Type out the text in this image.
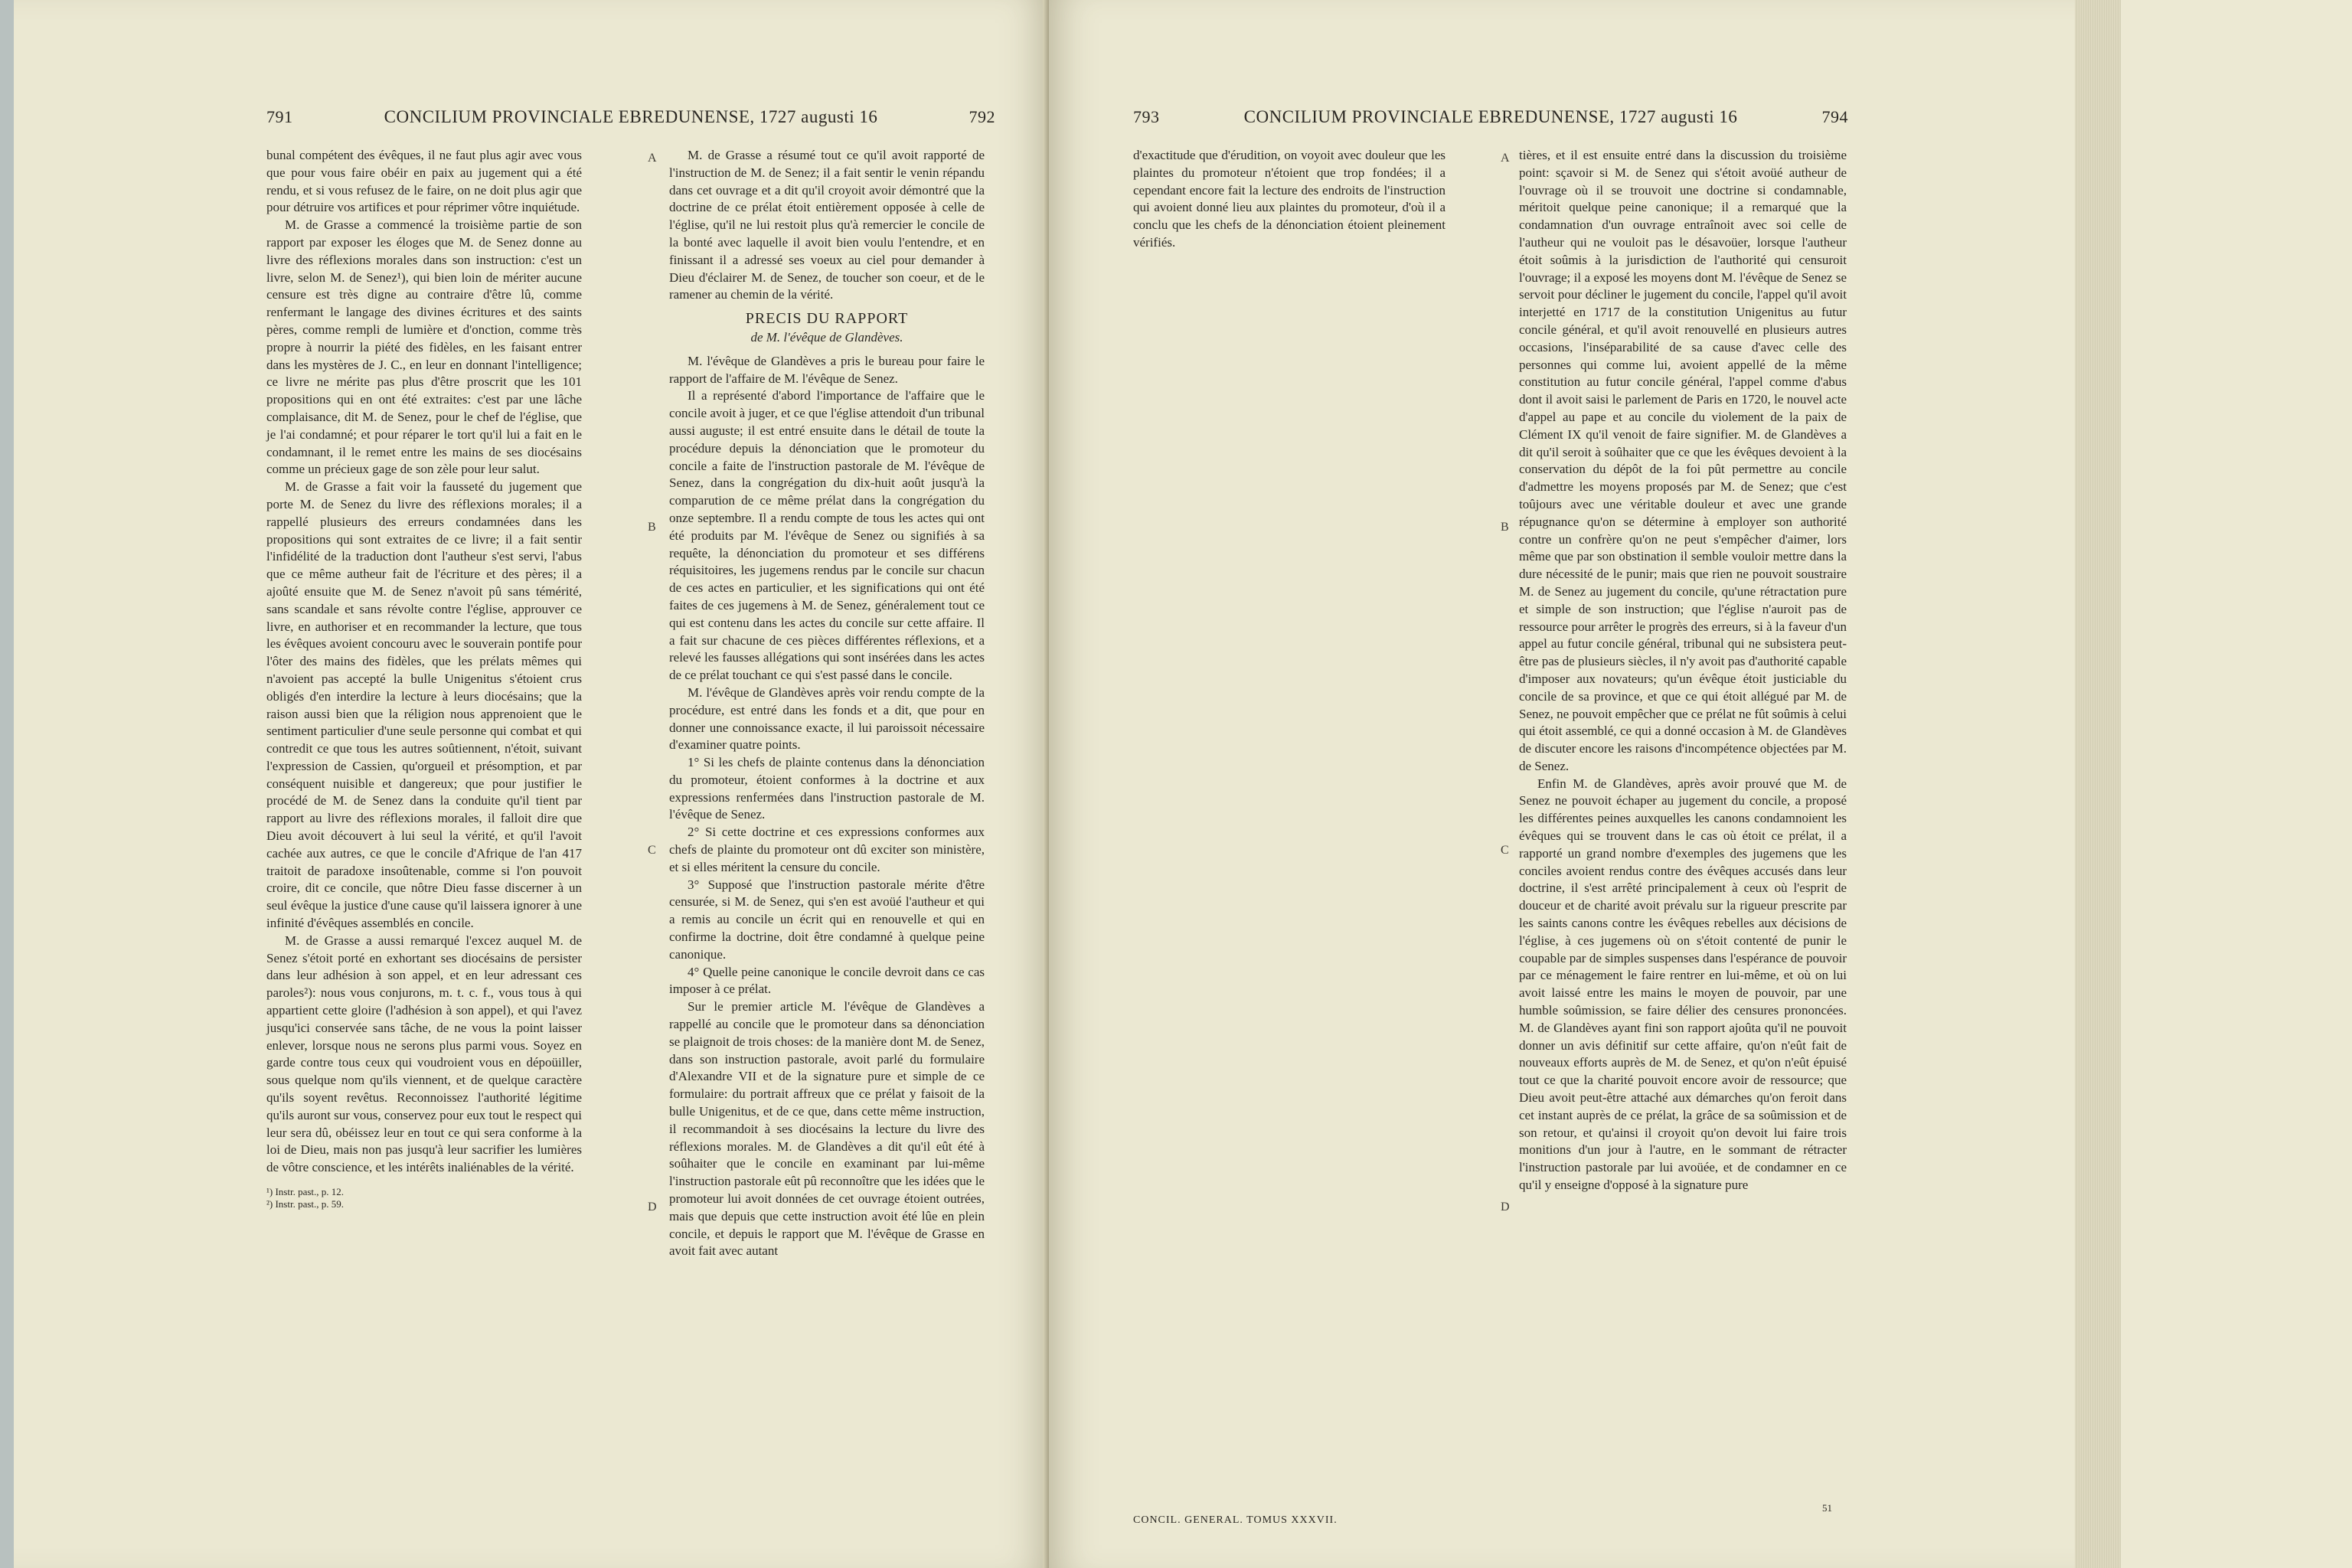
791	CONCILIUM PROVINCIALE EBREDUNENSE, 1727 augusti 16	792

bunal compétent des évêques, il ne faut plus agir avec vous que pour vous faire obéir en paix au jugement qui a été rendu, et si vous refusez de le faire, on ne doit plus agir que pour détruire vos artifices et pour réprimer vôtre inquiétude.

M. de Grasse a commencé la troisième partie de son rapport par exposer les éloges que M. de Senez donne au livre des réflexions morales dans son instruction: c'est un livre, selon M. de Senez¹), qui bien loin de mériter aucune censure est très digne au contraire d'être lû, comme renfermant le langage des divines écritures et des saints pères, comme rempli de lumière et d'onction, comme très propre à nourrir la piété des fidèles, en les faisant entrer dans les mystères de J. C., en leur en donnant l'intelligence; ce livre ne mérite pas plus d'être proscrit que les 101 propositions qui en ont été extraites: c'est par une lâche complaisance, dit M. de Senez, pour le chef de l'église, que je l'ai condamné; et pour réparer le tort qu'il lui a fait en le condamnant, il le remet entre les mains de ses diocésains comme un précieux gage de son zèle pour leur salut.

M. de Grasse a fait voir la fausseté du jugement que porte M. de Senez du livre des réflexions morales; il a rappellé plusieurs des erreurs condamnées dans les propositions qui sont extraites de ce livre; il a fait sentir l'infidélité de la traduction dont l'autheur s'est servi, l'abus que ce même autheur fait de l'écriture et des pères; il a ajoûté ensuite que M. de Senez n'avoit pû sans témérité, sans scandale et sans révolte contre l'église, approuver ce livre, en authoriser et en recommander la lecture, que tous les évêques avoient concouru avec le souverain pontife pour l'ôter des mains des fidèles, que les prélats mêmes qui n'avoient pas accepté la bulle Unigenitus s'étoient crus obligés d'en interdire la lecture à leurs diocésains; que la raison aussi bien que la réligion nous apprenoient que le sentiment particulier d'une seule personne qui combat et qui contredit ce que tous les autres soûtiennent, n'étoit, suivant l'expression de Cassien, qu'orgueil et présomption, et par conséquent nuisible et dangereux; que pour justifier le procédé de M. de Senez dans la conduite qu'il tient par rapport au livre des réflexions morales, il falloit dire que Dieu avoit découvert à lui seul la vérité, et qu'il l'avoit cachée aux autres, ce que le concile d'Afrique de l'an 417 traitoit de paradoxe insoûtenable, comme si l'on pouvoit croire, dit ce concile, que nôtre Dieu fasse discerner à un seul évêque la justice d'une cause qu'il laissera ignorer à une infinité d'évêques assemblés en concile.

M. de Grasse a aussi remarqué l'excez auquel M. de Senez s'étoit porté en exhortant ses diocésains de persister dans leur adhésion à son appel, et en leur adressant ces paroles²): nous vous conjurons, m. t. c. f., vous tous à qui appartient cette gloire (l'adhésion à son appel), et qui l'avez jusqu'ici conservée sans tâche, de ne vous la point laisser enlever, lorsque nous ne serons plus parmi vous. Soyez en garde contre tous ceux qui voudroient vous en dépoüiller, sous quelque nom qu'ils viennent, et de quelque caractère qu'ils soyent revêtus. Reconnoissez l'authorité légitime qu'ils auront sur vous, conservez pour eux tout le respect qui leur sera dû, obéissez leur en tout ce qui sera conforme à la loi de Dieu, mais non pas jusqu'à leur sacrifier les lumières de vôtre conscience, et les intérêts inaliénables de la vérité.

¹) Instr. past., p. 12.
²) Instr. past., p. 59.

M. de Grasse a résumé tout ce qu'il avoit rapporté de l'instruction de M. de Senez; il a fait sentir le venin répandu dans cet ouvrage et a dit qu'il croyoit avoir démontré que la doctrine de ce prélat étoit entièrement opposée à celle de l'église, qu'il ne lui restoit plus qu'à remercier le concile de la bonté avec laquelle il avoit bien voulu l'entendre, et en finissant il a adressé ses voeux au ciel pour demander à Dieu d'éclairer M. de Senez, de toucher son coeur, et de le ramener au chemin de la vérité.

PRECIS DU RAPPORT
de M. l'évêque de Glandèves.

M. l'évêque de Glandèves a pris le bureau pour faire le rapport de l'affaire de M. l'évêque de Senez.

Il a représenté d'abord l'importance de l'affaire que le concile avoit à juger, et ce que l'église attendoit d'un tribunal aussi auguste; il est entré ensuite dans le détail de toute la procédure depuis la dénonciation que le promoteur du concile a faite de l'instruction pastorale de M. l'évêque de Senez, dans la congrégation du dix-huit août jusqu'à la comparution de ce même prélat dans la congrégation du onze septembre. Il a rendu compte de tous les actes qui ont été produits par M. l'évêque de Senez ou signifiés à sa requête, la dénonciation du promoteur et ses différens réquisitoires, les jugemens rendus par le concile sur chacun de ces actes en particulier, et les significations qui ont été faites de ces jugemens à M. de Senez, généralement tout ce qui est contenu dans les actes du concile sur cette affaire. Il a fait sur chacune de ces pièces différentes réflexions, et a relevé les fausses allégations qui sont insérées dans les actes de ce prélat touchant ce qui s'est passé dans le concile.

M. l'évêque de Glandèves après voir rendu compte de la procédure, est entré dans les fonds et a dit, que pour en donner une connoissance exacte, il lui paroissoit nécessaire d'examiner quatre points.

1° Si les chefs de plainte contenus dans la dénonciation du promoteur, étoient conformes à la doctrine et aux expressions renfermées dans l'instruction pastorale de M. l'évêque de Senez.

2° Si cette doctrine et ces expressions conformes aux chefs de plainte du promoteur ont dû exciter son ministère, et si elles méritent la censure du concile.

3° Supposé que l'instruction pastorale mérite d'être censurée, si M. de Senez, qui s'en est avoüé l'autheur et qui a remis au concile un écrit qui en renouvelle et qui en confirme la doctrine, doit être condamné à quelque peine canonique.

4° Quelle peine canonique le concile devroit dans ce cas imposer à ce prélat.

Sur le premier article M. l'évêque de Glandèves a rappellé au concile que le promoteur dans sa dénonciation se plaignoit de trois choses: de la manière dont M. de Senez, dans son instruction pastorale, avoit parlé du formulaire d'Alexandre VII et de la signature pure et simple de ce formulaire: du portrait affreux que ce prélat y faisoit de la bulle Unigenitus, et de ce que, dans cette même instruction, il recommandoit à ses diocésains la lecture du livre des réflexions morales. M. de Glandèves a dit qu'il eût été à soûhaiter que le concile en examinant par lui-même l'instruction pastorale eût pû reconnoître que les idées que le promoteur lui avoit données de cet ouvrage étoient outrées, mais que depuis que cette instruction avoit été lûe en plein concile, et depuis le rapport que M. l'évêque de Grasse en avoit fait avec autant

A
B
C
D
793	CONCILIUM PROVINCIALE EBREDUNENSE, 1727 augusti 16	794

d'exactitude que d'érudition, on voyoit avec douleur que les plaintes du promoteur n'étoient que trop fondées; il a cependant encore fait la lecture des endroits de l'instruction qui avoient donné lieu aux plaintes du promoteur, d'où il a conclu que les chefs de la dénonciation étoient pleinement vérifiés.

tières, et il est ensuite entré dans la discussion du troisième point: sçavoir si M. de Senez qui s'étoit avoüé autheur de l'ouvrage où il se trouvoit une doctrine si condamnable, méritoit quelque peine canonique; il a remarqué que la condamnation d'un ouvrage entraînoit avec soi celle de l'autheur qui ne vouloit pas le désavoüer, lorsque l'autheur étoit soûmis à la jurisdiction de l'authorité qui censuroit l'ouvrage; il a exposé les moyens dont M. l'évêque de Senez se servoit pour décliner le jugement du concile, l'appel qu'il avoit interjetté en 1717 de la constitution Unigenitus au futur concile général, et qu'il avoit renouvellé en plusieurs autres occasions, l'inséparabilité de sa cause d'avec celle des personnes qui comme lui, avoient appellé de la même constitution au futur concile général, l'appel comme d'abus dont il avoit saisi le parlement de Paris en 1720, le nouvel acte d'appel au pape et au concile du violement de la paix de Clément IX qu'il venoit de faire signifier. M. de Glandèves a dit qu'il seroit à soûhaiter que ce que les évêques devoient à la conservation du dépôt de la foi pût permettre au concile d'admettre les moyens proposés par M. de Senez; que c'est toûjours avec une véritable douleur et avec une grande répugnance qu'on se détermine à employer son authorité contre un confrère qu'on ne peut s'empêcher d'aimer, lors même que par son obstination il semble vouloir mettre dans la dure nécessité de le punir; mais que rien ne pouvoit soustraire M. de Senez au jugement du concile, qu'une rétractation pure et simple de son instruction; que l'église n'auroit pas de ressource pour arrêter le progrès des erreurs, si à la faveur d'un appel au futur concile général, tribunal qui ne subsistera peut-être pas de plusieurs siècles, il n'y avoit pas d'authorité capable d'imposer aux novateurs; qu'un évêque étoit justiciable du concile de sa province, et que ce qui étoit allégué par M. de Senez, ne pouvoit empêcher que ce prélat ne fût soûmis à celui qui étoit assemblé, ce qui a donné occasion à M. de Glandèves de discuter encore les raisons d'incompétence objectées par M. de Senez.

Enfin M. de Glandèves, après avoir prouvé que M. de Senez ne pouvoit échaper au jugement du concile, a proposé les différentes peines auxquelles les canons condamnoient les évêques qui se trouvent dans le cas où étoit ce prélat, il a rapporté un grand nombre d'exemples des jugemens que les conciles avoient rendus contre des évêques accusés dans leur doctrine, il s'est arrêté principalement à ceux où l'esprit de douceur et de charité avoit prévalu sur la rigueur prescrite par les saints canons contre les évêques rebelles aux décisions de l'église, à ces jugemens où on s'étoit contenté de punir le coupable par de simples suspenses dans l'espérance de pouvoir par ce ménagement le faire rentrer en lui-même, et où on lui avoit laissé entre les mains le moyen de pouvoir, par une humble soûmission, se faire délier des censures prononcées. M. de Glandèves ayant fini son rapport ajoûta qu'il ne pouvoit donner un avis définitif sur cette affaire, qu'on n'eût fait de nouveaux efforts auprès de M. de Senez, et qu'on n'eût épuisé tout ce que la charité pouvoit encore avoir de ressource; que Dieu avoit peut-être attaché aux démarches qu'on feroit dans cet instant auprès de ce prélat, la grâce de sa soûmission et de son retour, et qu'ainsi il croyoit qu'on devoit lui faire trois monitions d'un jour à l'autre, en le sommant de rétracter l'instruction pastorale par lui avoüée, et de condamner en ce qu'il y enseigne d'opposé à la signature pure

A
B
C
D
CONCIL. GENERAL. TOMUS XXXVII.
51
